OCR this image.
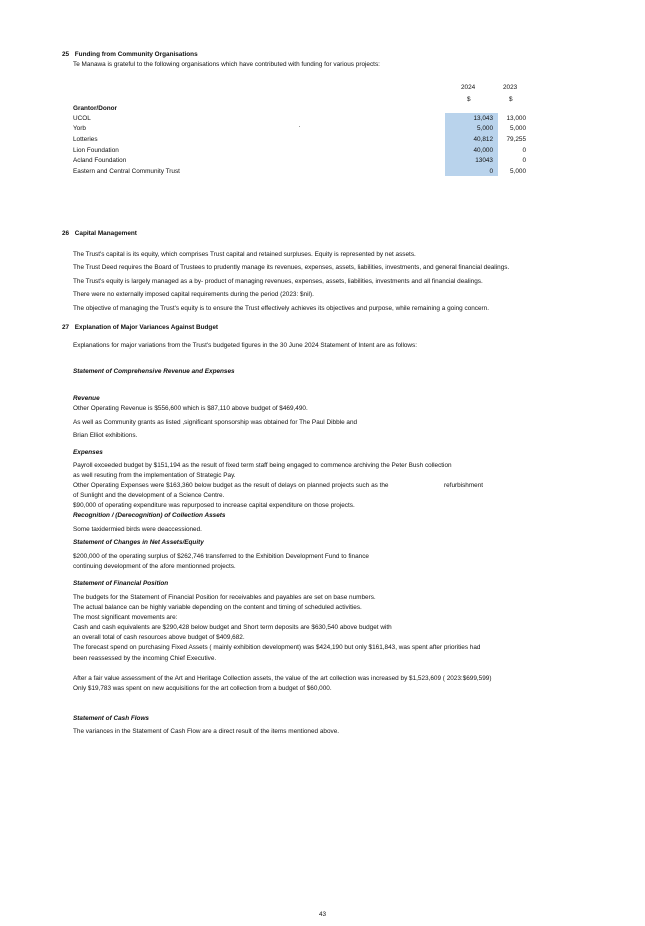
25 Funding from Community Organisations
Te Manawa is grateful to the following organisations which have contributed with funding for various projects:
2024	2023
$	$
Grantor/Donor
UCOL	13,043	13,000
Yorb	5,000	5,000
Lotteries	40,812	79,255
Lion Foundation	40,000	0
Acland Foundation	13043	0
Eastern and Central Community Trust	0	5,000
26 Capital Management
The Trust's capital is its equity, which comprises Trust capital and retained surpluses. Equity is represented by net assets.
The Trust Deed requires the Board of Trustees to prudently manage its revenues, expenses, assets, liabilities, investments, and general financial dealings.
The Trust's equity is largely managed as a by- product of managing revenues, expenses, assets, liabilities, investments and all financial dealings.
There were no externally imposed capital requirements during the period (2023: $nil).
The objective of managing the Trust's equity is to ensure the Trust effectively achieves its objectives and purpose, while remaining a going concern.
27 Explanation of Major Variances Against Budget
Explanations for major variations from the Trust's budgeted figures in the 30 June 2024 Statement of Intent are as follows:
Statement of Comprehensive Revenue and Expenses
Revenue
Other Operating Revenue is $556,600 which is $87,110 above budget of $469,490.
As well as Community grants as listed ,significant sponsorship was obtained for The Paul Dibble and
Brian Elliot exhibitions.
Expenses
Payroll exceeded budget by $151,194 as the result of fixed term staff being engaged to commence archiving the Peter Bush collection
as well resuting from the implementation of Strategic Pay.
Other Operating Expenses were $163,360 below budget as the result of delays on planned projects such as the	refurbishment
of Sunlight and the development of a Science Centre.
$90,000 of operating expenditure was repurposed to increase capital expenditure on those projects.
Recognition / (Derecognition) of Collection Assets
Some taxidermied birds were deaccessioned.
Statement of Changes in Net Assets/Equity
$200,000 of the operating surplus of $262,746 transferred to the Exhibition Development Fund to finance
continuing development of the afore mentionned projects.
Statement of Financial Position
The budgets for the Statement of Financial Position for receivables and payables are set on base numbers.
The actual balance can be highly variable depending on the content and timing of scheduled activities.
The most significant movements are:
Cash and cash equivalents are $290,428 below budget and Short term deposits are $630,540 above budget with
an overall total of cash resources above budget of $409,682.
The forecast spend on purchasing Fixed Assets ( mainly exhibition development) was $424,190 but only $161,843, was spent after priorities had
been reassessed by the incoming Chief Executive.
After a fair value assessment of the Art and Heritage Collection assets, the value of the art collection was increased by $1,523,609 ( 2023:$699,599)
Only $19,783 was spent on new acquisitions for the art collection from a budget of $60,000.
Statement of Cash Flows
The variances in the Statement of Cash Flow are a direct result of the items mentioned above.
43
